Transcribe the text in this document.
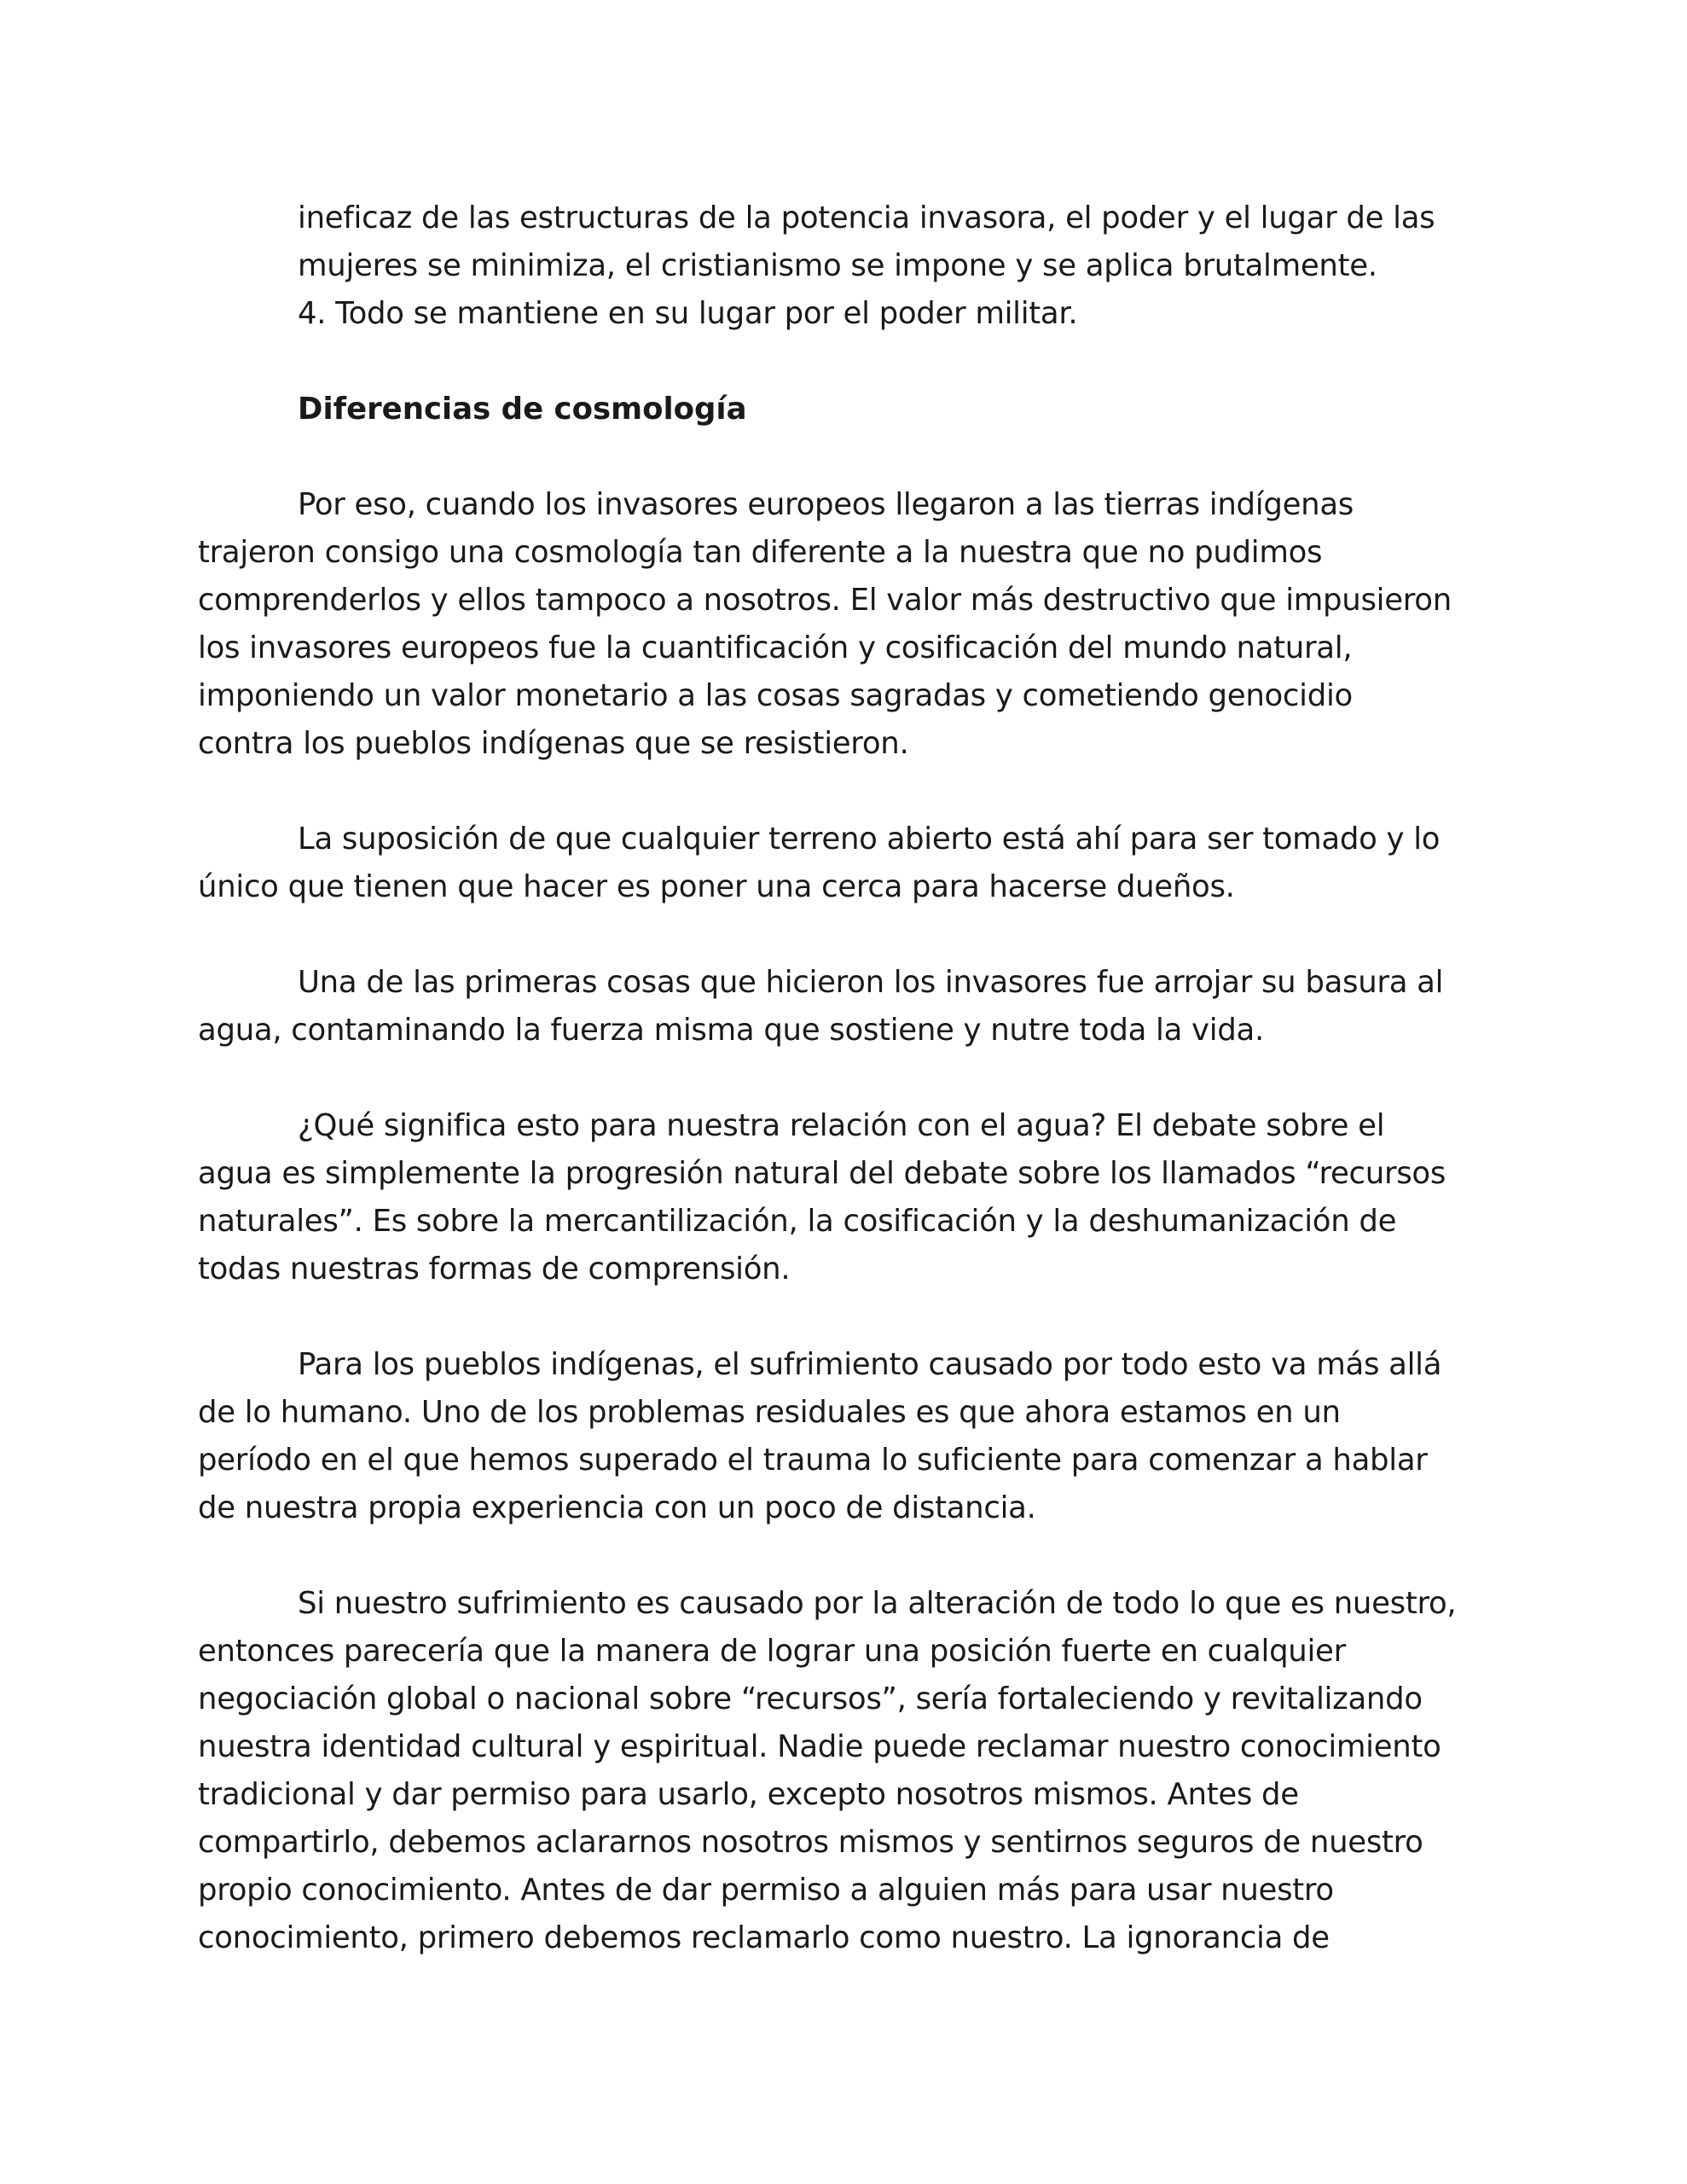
ineficaz de las estructuras de la potencia invasora, el poder y el lugar de las
mujeres se minimiza, el cristianismo se impone y se aplica brutalmente.
4. Todo se mantiene en su lugar por el poder militar.
Diferencias de cosmología
Por eso, cuando los invasores europeos llegaron a las tierras indígenas
trajeron consigo una cosmología tan diferente a la nuestra que no pudimos
comprenderlos y ellos tampoco a nosotros. El valor más destructivo que impusieron
los invasores europeos fue la cuantificación y cosificación del mundo natural,
imponiendo un valor monetario a las cosas sagradas y cometiendo genocidio
contra los pueblos indígenas que se resistieron.
La suposición de que cualquier terreno abierto está ahí para ser tomado y lo
único que tienen que hacer es poner una cerca para hacerse dueños.
Una de las primeras cosas que hicieron los invasores fue arrojar su basura al
agua, contaminando la fuerza misma que sostiene y nutre toda la vida.
¿Qué significa esto para nuestra relación con el agua? El debate sobre el
agua es simplemente la progresión natural del debate sobre los llamados “recursos
naturales”. Es sobre la mercantilización, la cosificación y la deshumanización de
todas nuestras formas de comprensión.
Para los pueblos indígenas, el sufrimiento causado por todo esto va más allá
de lo humano. Uno de los problemas residuales es que ahora estamos en un
período en el que hemos superado el trauma lo suficiente para comenzar a hablar
de nuestra propia experiencia con un poco de distancia.
Si nuestro sufrimiento es causado por la alteración de todo lo que es nuestro,
entonces parecería que la manera de lograr una posición fuerte en cualquier
negociación global o nacional sobre “recursos”, sería fortaleciendo y revitalizando
nuestra identidad cultural y espiritual. Nadie puede reclamar nuestro conocimiento
tradicional y dar permiso para usarlo, excepto nosotros mismos. Antes de
compartirlo, debemos aclararnos nosotros mismos y sentirnos seguros de nuestro
propio conocimiento. Antes de dar permiso a alguien más para usar nuestro
conocimiento, primero debemos reclamarlo como nuestro. La ignorancia de
